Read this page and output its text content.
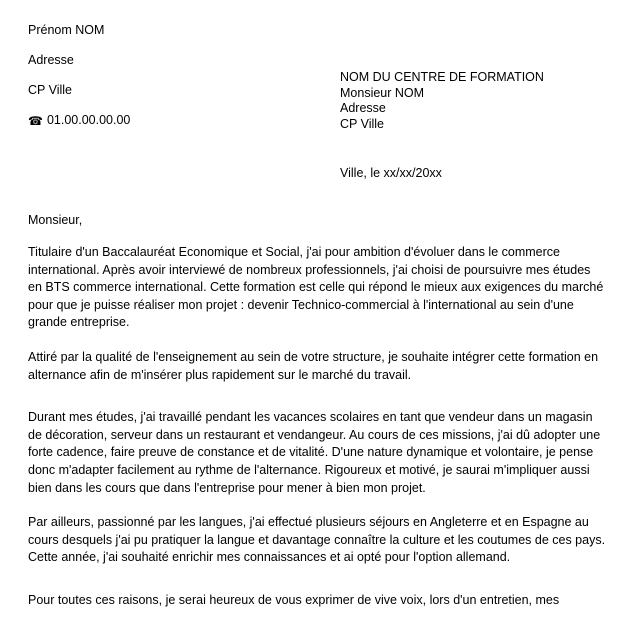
Prénom NOM

Adresse

CP Ville

☎ 01.00.00.00.00

NOM DU CENTRE DE FORMATION
Monsieur NOM
Adresse
CP Ville
Ville, le xx/xx/20xx
Monsieur,

Titulaire d'un Baccalauréat Economique et Social, j'ai pour ambition d'évoluer dans le commerce international. Après avoir interviewé de nombreux professionnels, j'ai choisi de poursuivre mes études en BTS commerce international. Cette formation est celle qui répond le mieux aux exigences du marché pour que je puisse réaliser mon projet : devenir Technico-commercial à l'international au sein d'une grande entreprise.

Attiré par la qualité de l'enseignement au sein de votre structure, je souhaite intégrer cette formation en alternance afin de m'insérer plus rapidement sur le marché du travail.

Durant mes études, j'ai travaillé pendant les vacances scolaires en tant que vendeur dans un magasin de décoration, serveur dans un restaurant et vendangeur. Au cours de ces missions, j'ai dû adopter une forte cadence, faire preuve de constance et de vitalité. D'une nature dynamique et volontaire, je pense donc m'adapter facilement au rythme de l'alternance. Rigoureux et motivé, je saurai m'impliquer aussi bien dans les cours que dans l'entreprise pour mener à bien mon projet.

Par ailleurs, passionné par les langues, j'ai effectué plusieurs séjours en Angleterre et en Espagne au cours desquels j'ai pu pratiquer la langue et davantage connaître la culture et les coutumes de ces pays. Cette année, j'ai souhaité enrichir mes connaissances et ai opté pour l'option allemand.

Pour toutes ces raisons, je serai heureux de vous exprimer de vive voix, lors d'un entretien, mes
